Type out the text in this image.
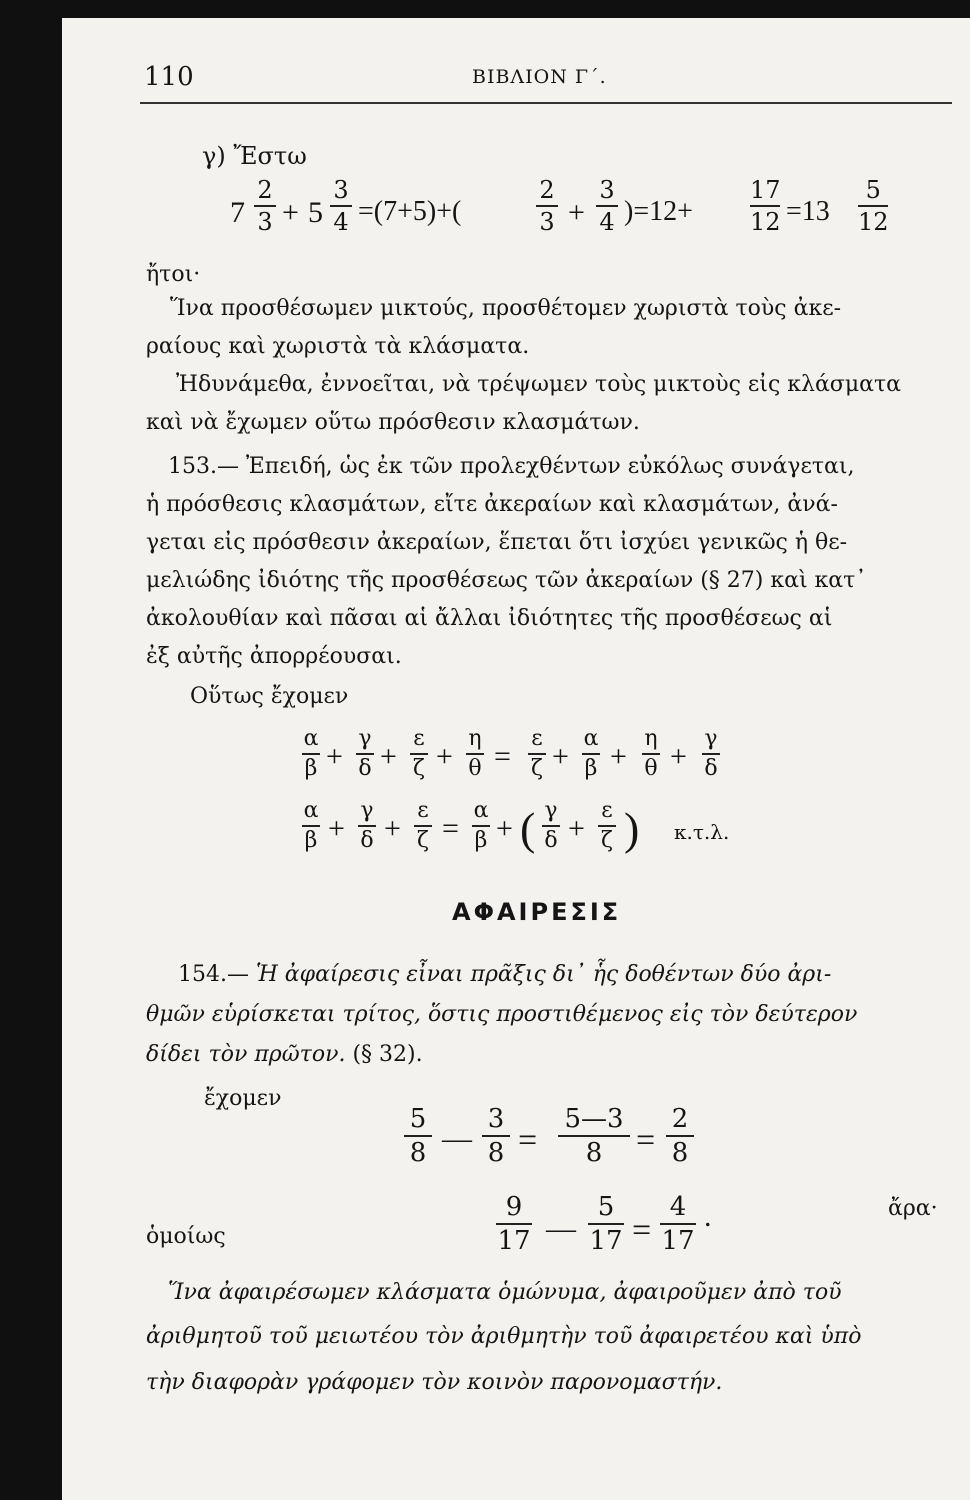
110	ΒΙΒΛΙΟΝ Γ΄.
γ) Ἔστω
7
2
3 + 5
3
4 =(7+5)+(
2
3 +
3
4 )=12+
17
12 =13
5
12
ἤτοι·
Ἵνα προσθέσωμεν μικτούς, προσθέτομεν χωριστὰ τοὺς ἀκε-
ραίους καὶ χωριστὰ τὰ κλάσματα.
Ἠδυνάμεθα, ἐννοεῖται, νὰ τρέψωμεν τοὺς μικτοὺς εἰς κλάσματα
καὶ νὰ ἔχωμεν οὕτω πρόσθεσιν κλασμάτων.
153.— Ἐπειδή, ὡς ἐκ τῶν προλεχθέντων εὐκόλως συνάγεται,
ἡ πρόσθεσις κλασμάτων, εἴτε ἀκεραίων καὶ κλασμάτων, ἀνά-
γεται εἰς πρόσθεσιν ἀκεραίων, ἕπεται ὅτι ἰσχύει γενικῶς ἡ θε-
μελιώδης ἰδιότης τῆς προσθέσεως τῶν ἀκεραίων (§ 27) καὶ κατ᾽
ἀκολουθίαν καὶ πᾶσαι αἱ ἄλλαι ἰδιότητες τῆς προσθέσεως αἱ
ἐξ αὐτῆς ἀπορρέουσαι.
Οὕτως ἔχομεν
α
β +
γ
δ +
ε
ζ +
η
θ =
ε
ζ +
α
β +
η
θ +
γ
δ
α
β +
γ
δ +
ε
ζ =
α
β + ( γ
δ +
ε
ζ ) κ.τ.λ.
ΑΦΑΙΡΕΣΙΣ
154.— Ἡ ἀφαίρεσις εἶναι πρᾶξις δι᾽ ἧς δοθέντων δύο ἀρι-
θμῶν εὑρίσκεται τρίτος, ὅστις προστιθέμενος εἰς τὸν δεύτερον
δίδει τὸν πρῶτον. (§ 32).
ἔχομεν
5
8 —
3
8 =
5—3
8 =
2
8
ὁμοίως
9
17 —
5
17 =
4
17
.	ἄρα·
Ἵνα ἀφαιρέσωμεν κλάσματα ὁμώνυμα, ἀφαιροῦμεν ἀπὸ τοῦ
ἀριθμητοῦ τοῦ μειωτέου τὸν ἀριθμητὴν τοῦ ἀφαιρετέου καὶ ὑπὸ
τὴν διαφορὰν γράφομεν τὸν κοινὸν παρονομαστήν.
